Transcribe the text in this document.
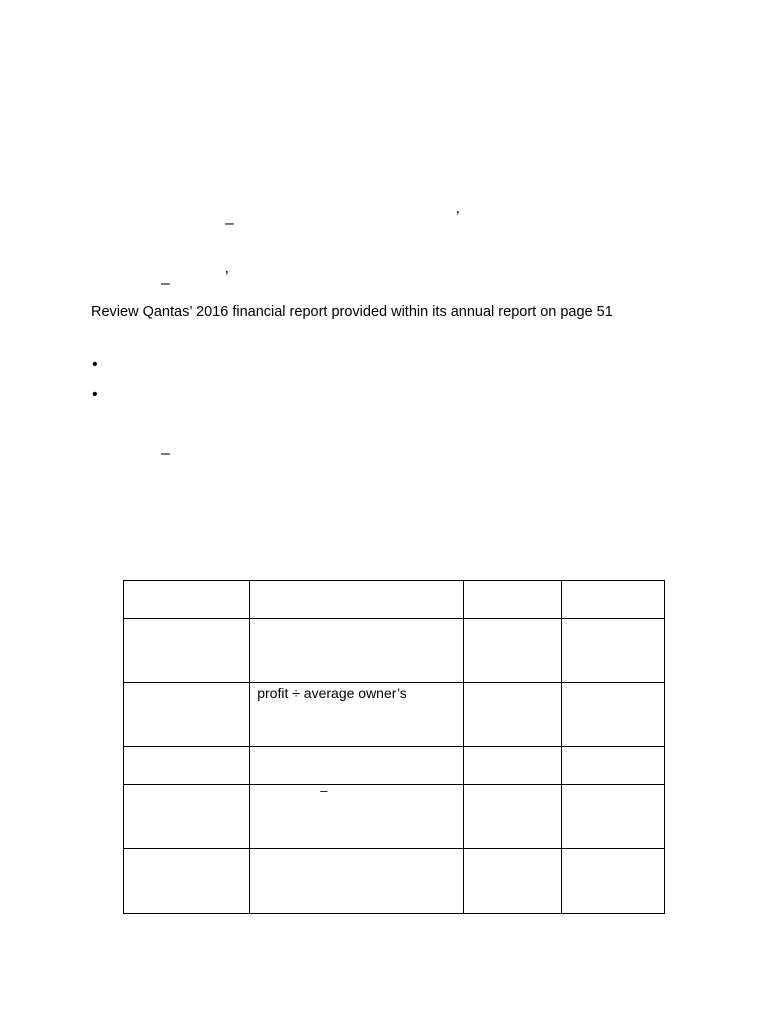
–	’
–	’
Review Qantas’ 2016 financial report provided within its annual report on page 51
•
•
–

	profit ÷ average owner’s		

	–		
